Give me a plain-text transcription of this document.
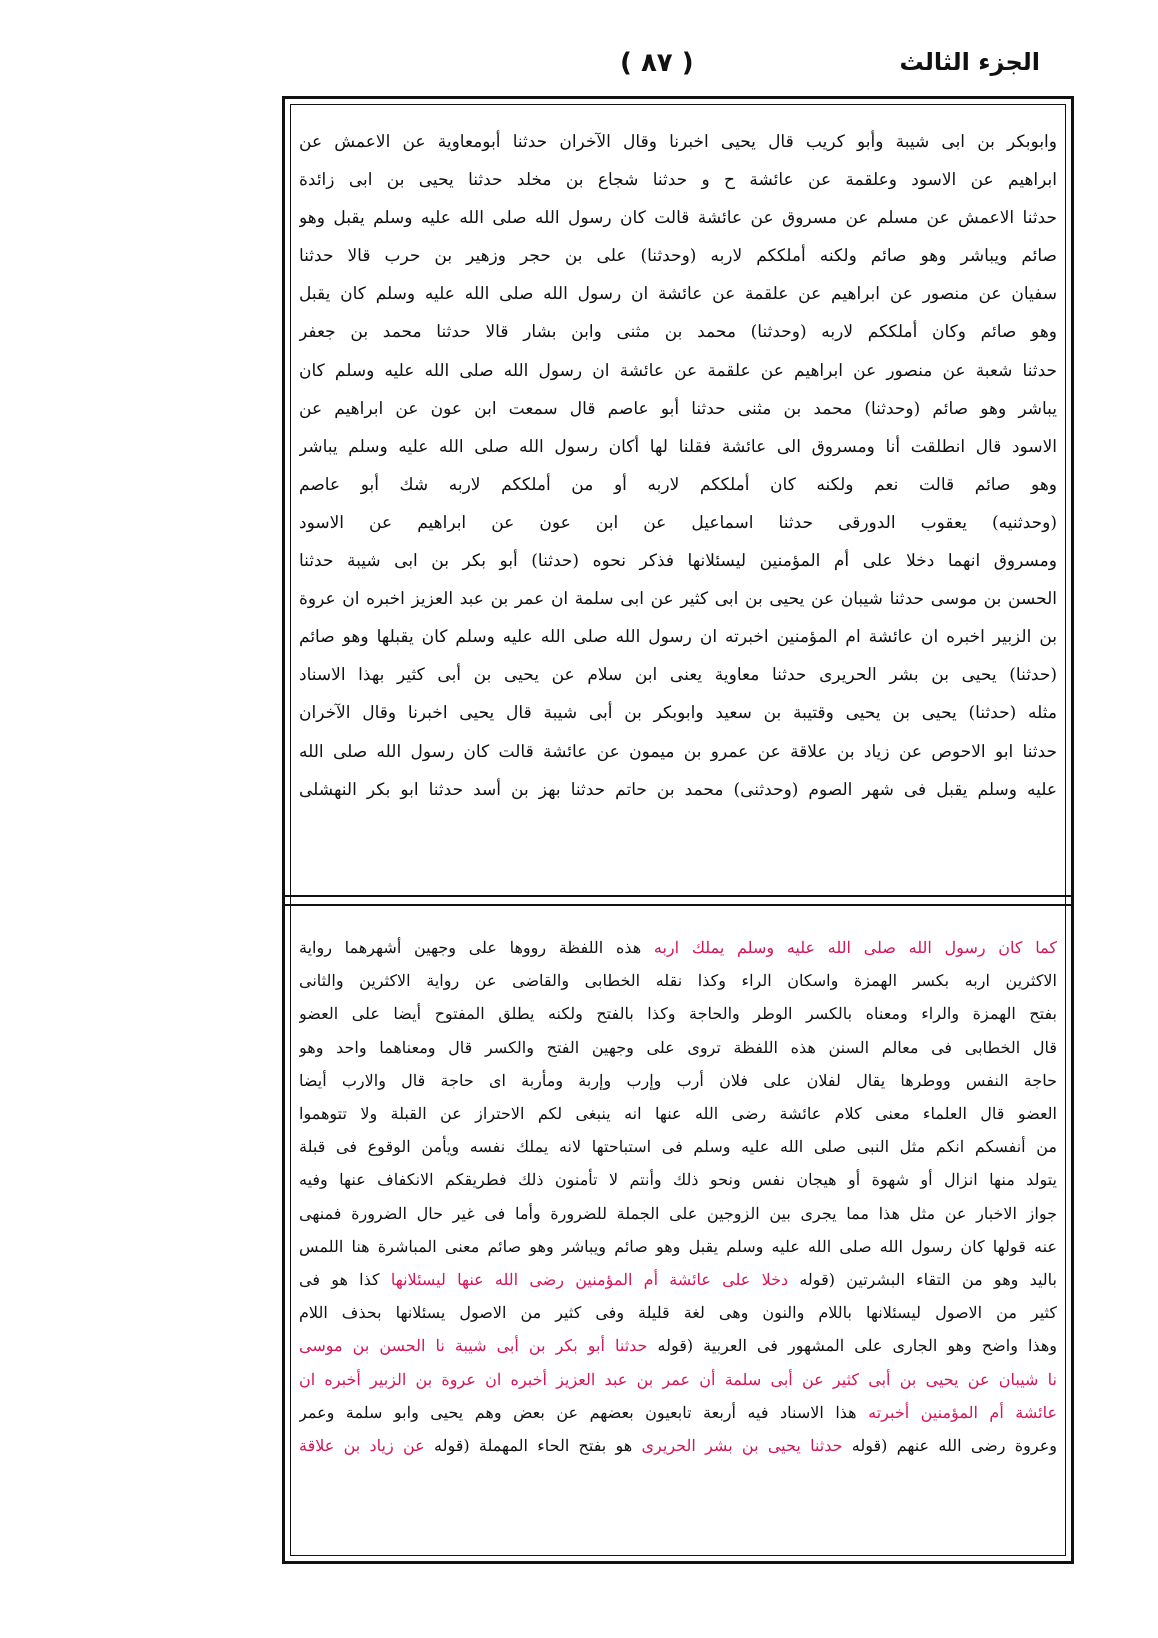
( ٨٧ )	الجزء الثالث
وابوبكر بن ابى شيبة وأبو كريب قال يحيى اخبرنا وقال الآخران حدثنا أبومعاوية عن الاعمش عن
ابراهيم عن الاسود وعلقمة عن عائشة ح و حدثنا شجاع بن مخلد حدثنا يحيى بن ابى زائدة
حدثنا الاعمش عن مسلم عن مسروق عن عائشة قالت كان رسول الله صلى الله عليه وسلم يقبل وهو
صائم ويباشر وهو صائم ولكنه أملككم لاربه (وحدثنا) على بن حجر وزهير بن حرب قالا حدثنا
سفيان عن منصور عن ابراهيم عن علقمة عن عائشة ان رسول الله صلى الله عليه وسلم كان يقبل
وهو صائم وكان أملككم لاربه (وحدثنا) محمد بن مثنى وابن بشار قالا حدثنا محمد بن جعفر
حدثنا شعبة عن منصور عن ابراهيم عن علقمة عن عائشة ان رسول الله صلى الله عليه وسلم كان
يباشر وهو صائم (وحدثنا) محمد بن مثنى حدثنا أبو عاصم قال سمعت ابن عون عن ابراهيم عن
الاسود قال انطلقت أنا ومسروق الى عائشة فقلنا لها أكان رسول الله صلى الله عليه وسلم يباشر
وهو صائم قالت نعم ولكنه كان أملككم لاربه أو من أملككم لاربه شك أبو عاصم
(وحدثنيه) يعقوب الدورقى حدثنا اسماعيل عن ابن عون عن ابراهيم عن الاسود
ومسروق انهما دخلا على أم المؤمنين ليسئلانها فذكر نحوه (حدثنا) أبو بكر بن ابى شيبة حدثنا
الحسن بن موسى حدثنا شيبان عن يحيى بن ابى كثير عن ابى سلمة ان عمر بن عبد العزيز اخبره ان عروة
بن الزبير اخبره ان عائشة ام المؤمنين اخبرته ان رسول الله صلى الله عليه وسلم كان يقبلها وهو صائم
(حدثنا) يحيى بن بشر الحريرى حدثنا معاوية يعنى ابن سلام عن يحيى بن أبى كثير بهذا الاسناد
مثله (حدثنا) يحيى بن يحيى وقتيبة بن سعيد وابوبكر بن أبى شيبة قال يحيى اخبرنا وقال الآخران
حدثنا ابو الاحوص عن زياد بن علاقة عن عمرو بن ميمون عن عائشة قالت كان رسول الله صلى الله
عليه وسلم يقبل فى شهر الصوم (وحدثنى) محمد بن حاتم حدثنا بهز بن أسد حدثنا ابو بكر النهشلى
كما كان رسول الله صلى الله عليه وسلم يملك اربه هذه اللفظة رووها على وجهين أشهرهما رواية
الاكثرين اربه بكسر الهمزة واسكان الراء وكذا نقله الخطابى والقاضى عن رواية الاكثرين والثانى
بفتح الهمزة والراء ومعناه بالكسر الوطر والحاجة وكذا بالفتح ولكنه يطلق المفتوح أيضا على العضو
قال الخطابى فى معالم السنن هذه اللفظة تروى على وجهين الفتح والكسر قال ومعناهما واحد وهو
حاجة النفس ووطرها يقال لفلان على فلان أرب وإرب وإربة ومأربة اى حاجة قال والارب أيضا
العضو قال العلماء معنى كلام عائشة رضى الله عنها انه ينبغى لكم الاحتراز عن القبلة ولا تتوهموا
من أنفسكم انكم مثل النبى صلى الله عليه وسلم فى استباحتها لانه يملك نفسه ويأمن الوقوع فى قبلة
يتولد منها انزال أو شهوة أو هيجان نفس ونحو ذلك وأنتم لا تأمنون ذلك فطريقكم الانكفاف عنها وفيه
جواز الاخبار عن مثل هذا مما يجرى بين الزوجين على الجملة للضرورة وأما فى غير حال الضرورة فمنهى
عنه قولها كان رسول الله صلى الله عليه وسلم يقبل وهو صائم ويباشر وهو صائم معنى المباشرة هنا اللمس
باليد وهو من التقاء البشرتين (قوله دخلا على عائشة أم المؤمنين رضى الله عنها ليسئلانها كذا هو فى
كثير من الاصول ليسئلانها باللام والنون وهى لغة قليلة وفى كثير من الاصول يسئلانها بحذف اللام
وهذا واضح وهو الجارى على المشهور فى العربية (قوله حدثنا أبو بكر بن أبى شيبة نا الحسن بن موسى
نا شيبان عن يحيى بن أبى كثير عن أبى سلمة أن عمر بن عبد العزيز أخبره ان عروة بن الزبير أخبره ان
عائشة أم المؤمنين أخبرته هذا الاسناد فيه أربعة تابعيون بعضهم عن بعض وهم يحيى وابو سلمة وعمر
وعروة رضى الله عنهم (قوله حدثنا يحيى بن بشر الحريرى هو بفتح الحاء المهملة (قوله عن زياد بن علاقة
